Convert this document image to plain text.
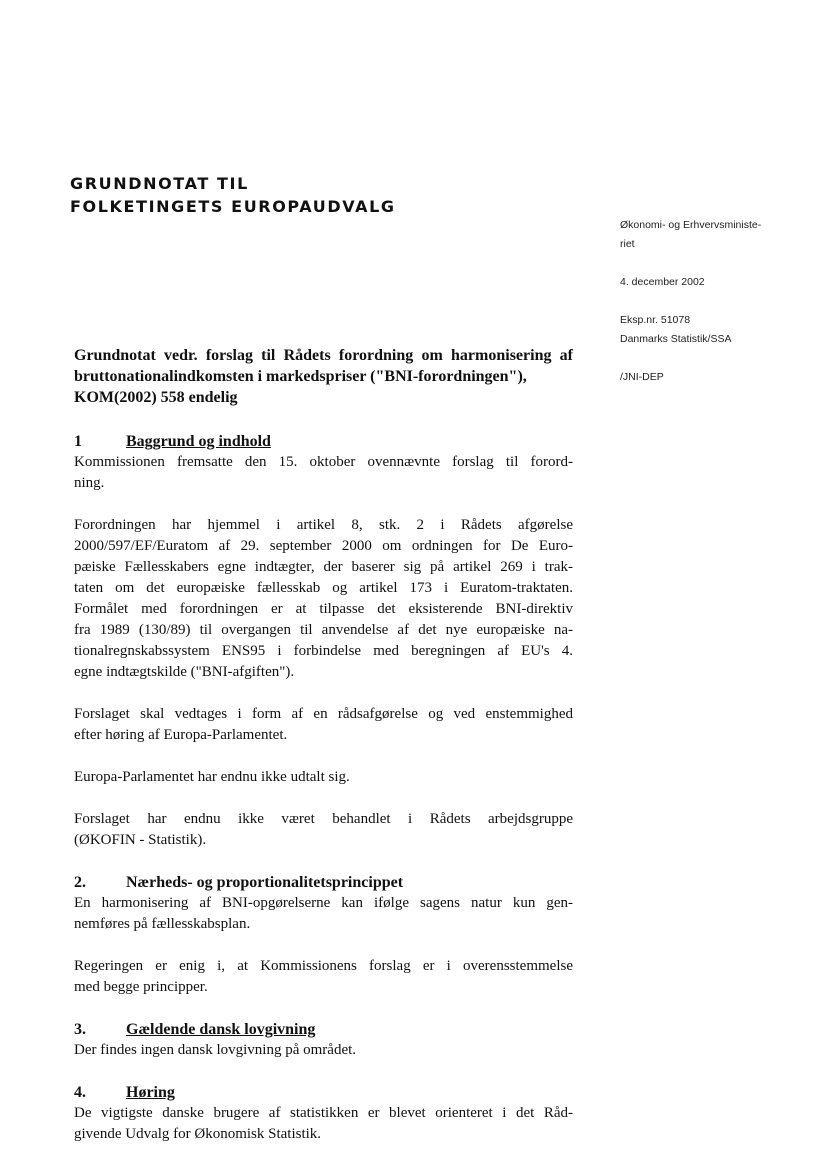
GRUNDNOTAT TIL
FOLKETINGETS EUROPAUDVALG
Økonomi- og Erhvervsministe-
riet
4. december 2002
Eksp.nr. 51078
Danmarks Statistik/SSA
/JNI-DEP
Grundnotat vedr. forslag til Rådets forordning om harmonisering af
bruttonationalindkomsten i markedspriser ("BNI-forordningen"),
KOM(2002) 558 endelig
1	Baggrund og indhold

Kommissionen fremsatte den 15. oktober ovennævnte forslag til forord-
ning.

Forordningen har hjemmel i artikel 8, stk. 2 i Rådets afgørelse
2000/597/EF/Euratom af 29. september 2000 om ordningen for De Euro-
pæiske Fællesskabers egne indtægter, der baserer sig på artikel 269 i trak-
taten om det europæiske fællesskab og artikel 173 i Euratom-traktaten.
Formålet med forordningen er at tilpasse det eksisterende BNI-direktiv
fra 1989 (130/89) til overgangen til anvendelse af det nye europæiske na-
tionalregnskabssystem ENS95 i forbindelse med beregningen af EU's 4.
egne indtægtskilde ("BNI-afgiften").

Forslaget skal vedtages i form af en rådsafgørelse og ved enstemmighed
efter høring af Europa-Parlamentet.

Europa-Parlamentet har endnu ikke udtalt sig.

Forslaget har endnu ikke været behandlet i Rådets arbejdsgruppe
(ØKOFIN - Statistik).

2.	Nærheds- og proportionalitetsprincippet

En harmonisering af BNI-opgørelserne kan ifølge sagens natur kun gen-
nemføres på fællesskabsplan.

Regeringen er enig i, at Kommissionens forslag er i overensstemmelse
med begge principper.

3.	Gældende dansk lovgivning

Der findes ingen dansk lovgivning på området.

4.	Høring

De vigtigste danske brugere af statistikken er blevet orienteret i det Råd-
givende Udvalg for Økonomisk Statistik.
